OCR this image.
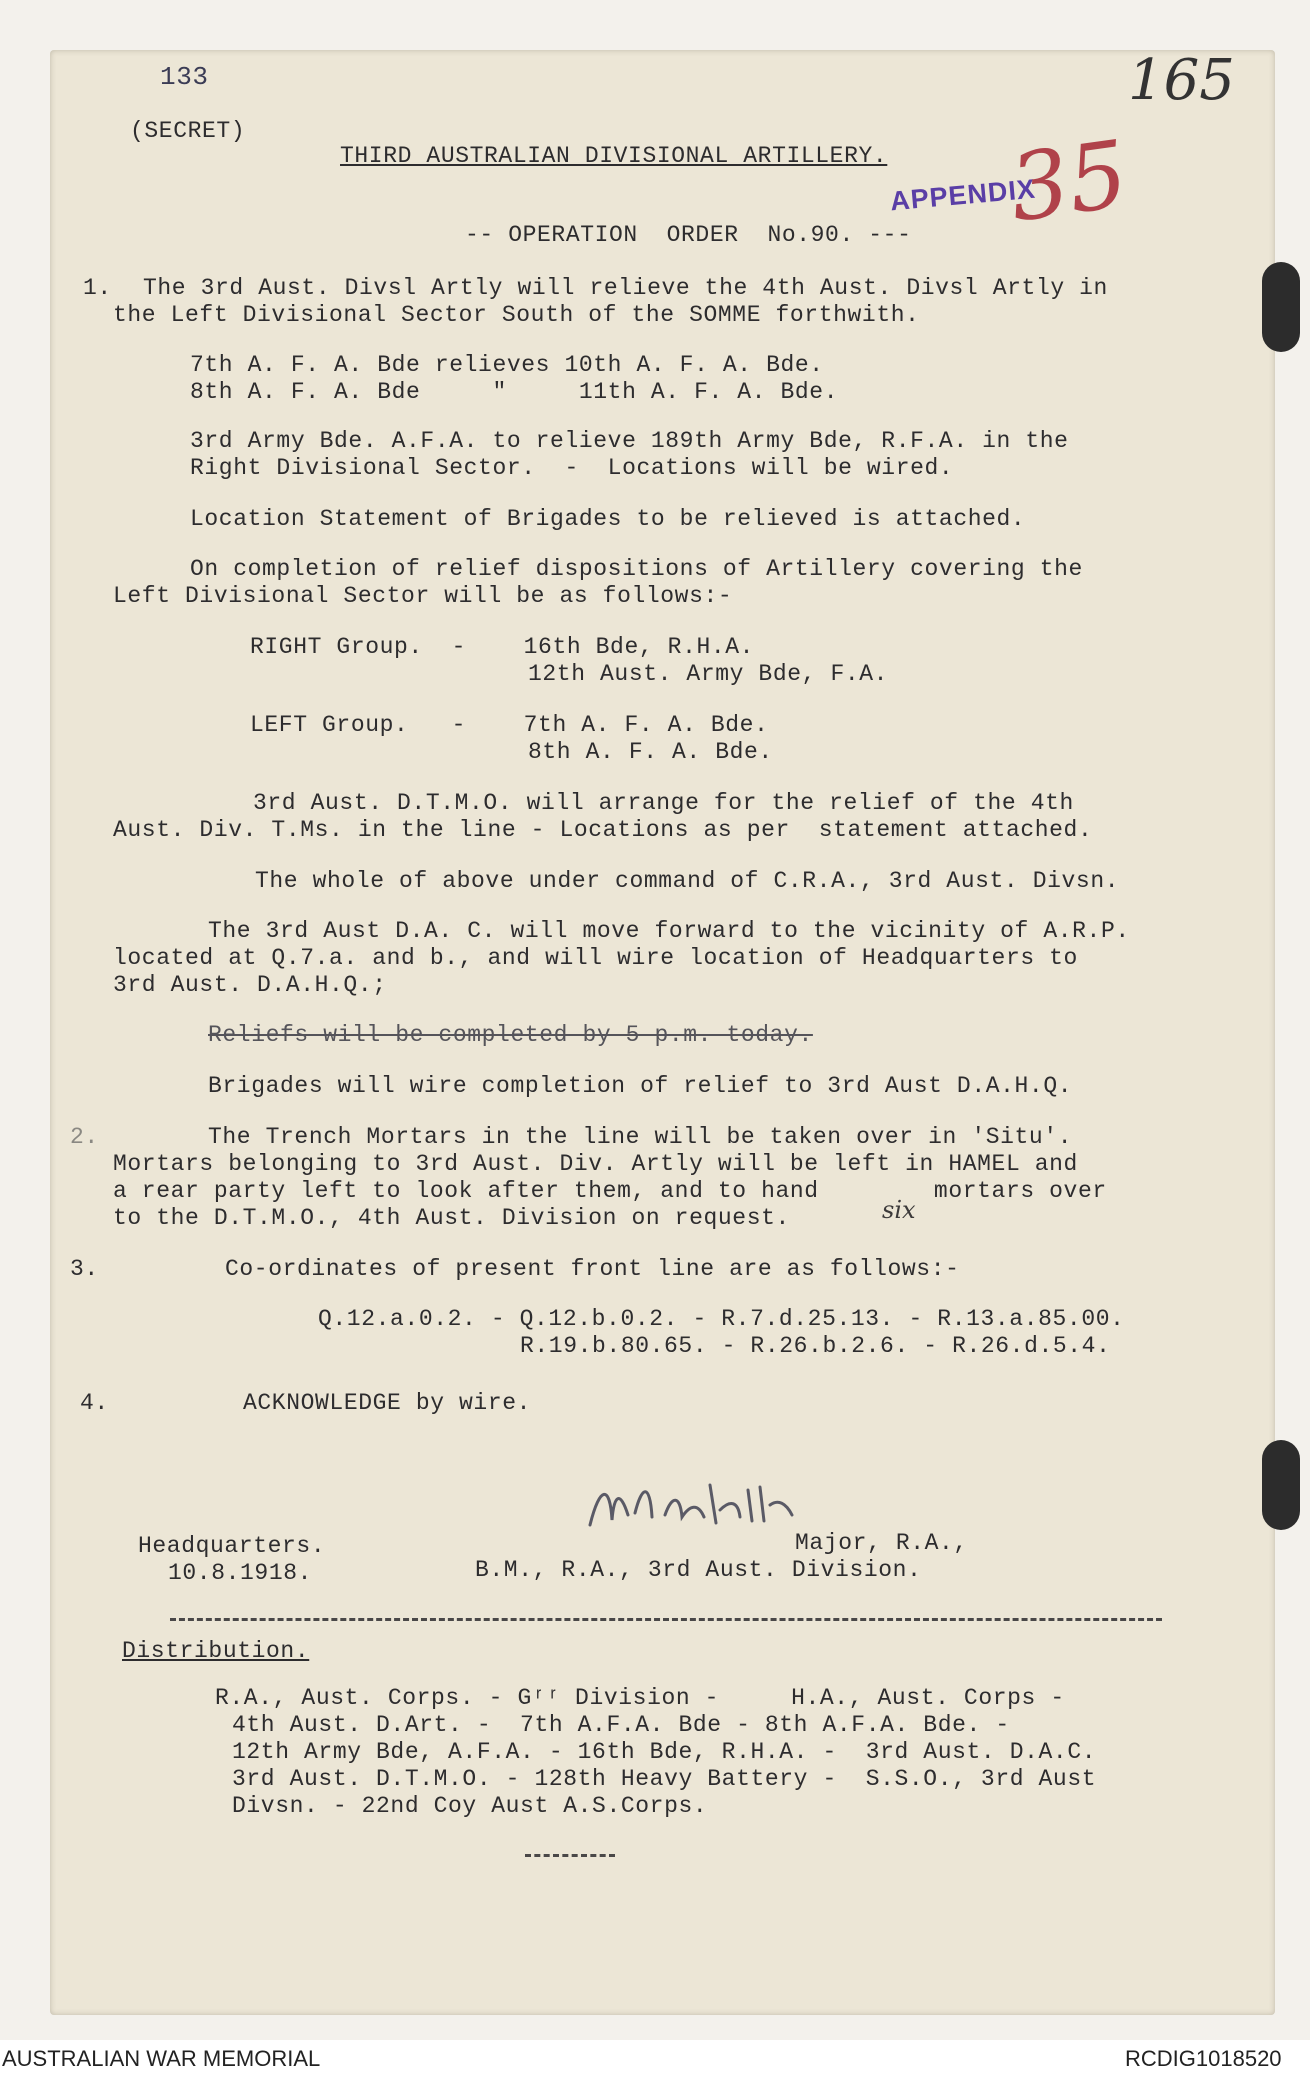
133	165
(SECRET)
THIRD AUSTRALIAN DIVISIONAL ARTILLERY.
APPENDIX
35
-- OPERATION  ORDER  No.90. ---
1. The 3rd Aust. Divsl Artly will relieve the 4th Aust. Divsl Artly in
the Left Divisional Sector South of the SOMME forthwith.
7th A. F. A. Bde relieves 10th A. F. A. Bde.
8th A. F. A. Bde     "     11th A. F. A. Bde.
3rd Army Bde. A.F.A. to relieve 189th Army Bde, R.F.A. in the
Right Divisional Sector.  -  Locations will be wired.
Location Statement of Brigades to be relieved is attached.
On completion of relief dispositions of Artillery covering the
Left Divisional Sector will be as follows:-
RIGHT Group.  -    16th Bde, R.H.A.
12th Aust. Army Bde, F.A.
LEFT Group.   -    7th A. F. A. Bde.
8th A. F. A. Bde.
3rd Aust. D.T.M.O. will arrange for the relief of the 4th
Aust. Div. T.Ms. in the line - Locations as per  statement attached.
The whole of above under command of C.R.A., 3rd Aust. Divsn.
The 3rd Aust D.A. C. will move forward to the vicinity of A.R.P.
located at Q.7.a. and b., and will wire location of Headquarters to
3rd Aust. D.A.H.Q.;
Reliefs will be completed by 5 p.m. today.
Brigades will wire completion of relief to 3rd Aust D.A.H.Q.
2.	The Trench Mortars in the line will be taken over in 'Situ'.
Mortars belonging to 3rd Aust. Div. Artly will be left in HAMEL and
a rear party left to look after them, and to hand        mortars over
to the D.T.M.O., 4th Aust. Division on request.	six
3.	Co-ordinates of present front line are as follows:-
Q.12.a.0.2. - Q.12.b.0.2. - R.7.d.25.13. - R.13.a.85.00.
R.19.b.80.65. - R.26.b.2.6. - R.26.d.5.4.
4.	ACKNOWLEDGE by wire.
Headquarters.
10.8.1918.
Major, R.A.,
B.M., R.A., 3rd Aust. Division.
Distribution.
R.A., Aust. Corps. - Gʳʳ Division -     H.A., Aust. Corps -
4th Aust. D.Art. -  7th A.F.A. Bde - 8th A.F.A. Bde. -
12th Army Bde, A.F.A. - 16th Bde, R.H.A. -  3rd Aust. D.A.C.
3rd Aust. D.T.M.O. - 128th Heavy Battery -  S.S.O., 3rd Aust
Divsn. - 22nd Coy Aust A.S.Corps.
AUSTRALIAN WAR MEMORIAL	RCDIG1018520
